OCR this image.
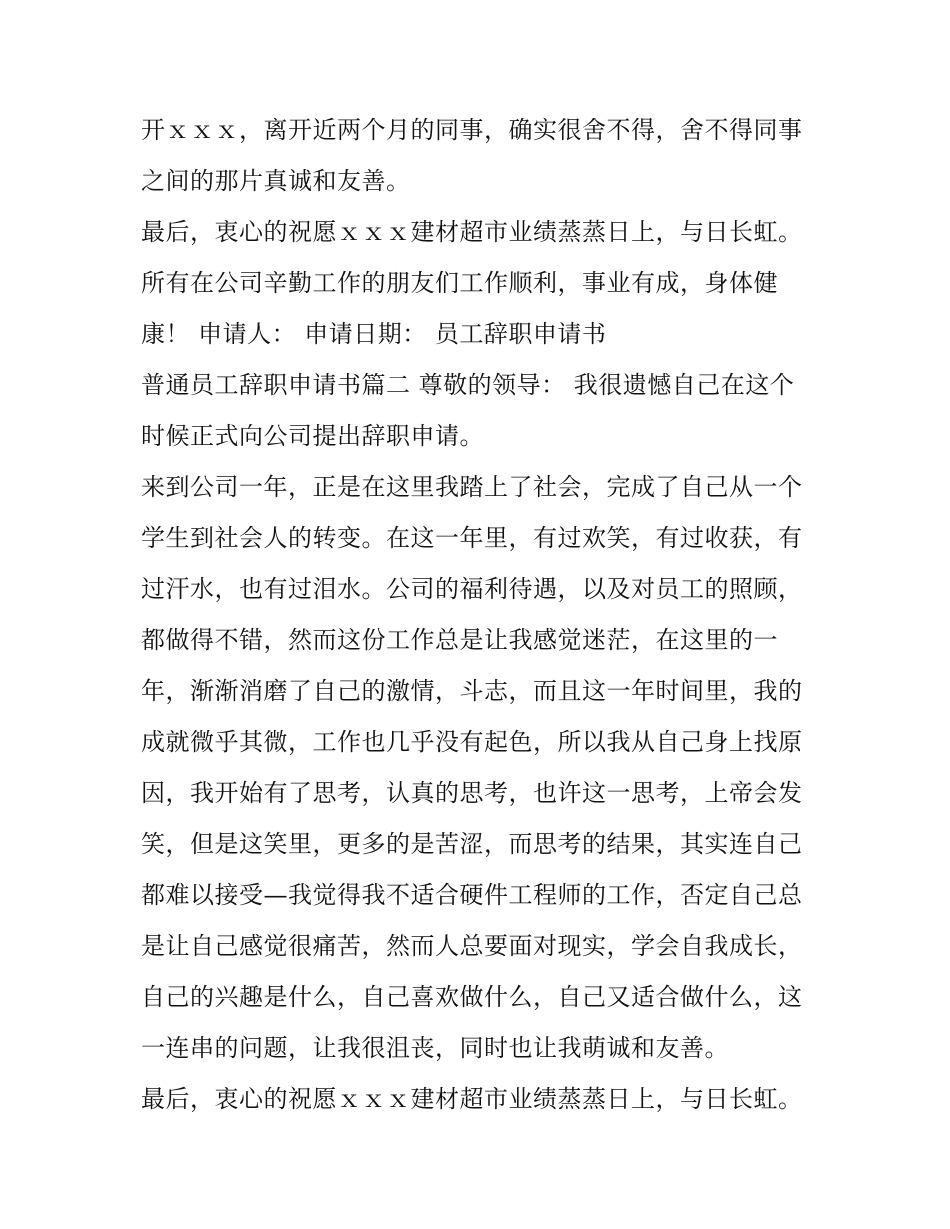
开ｘｘｘ，离开近两个月的同事，确实很舍不得，舍不得同事
之间的那片真诚和友善。
最后，衷心的祝愿ｘｘｘ建材超市业绩蒸蒸日上，与日长虹。
所有在公司辛勤工作的朋友们工作顺利，事业有成，身体健
康！ 申请人： 申请日期： 员工辞职申请书
普通员工辞职申请书篇二 尊敬的领导： 我很遗憾自己在这个
时候正式向公司提出辞职申请。
来到公司一年，正是在这里我踏上了社会，完成了自己从一个
学生到社会人的转变。在这一年里，有过欢笑，有过收获，有
过汗水，也有过泪水。公司的福利待遇，以及对员工的照顾，
都做得不错，然而这份工作总是让我感觉迷茫，在这里的一
年，渐渐消磨了自己的激情，斗志，而且这一年时间里，我的
成就微乎其微，工作也几乎没有起色，所以我从自己身上找原
因，我开始有了思考，认真的思考，也许这一思考，上帝会发
笑，但是这笑里，更多的是苦涩，而思考的结果，其实连自己
都难以接受—我觉得我不适合硬件工程师的工作，否定自己总
是让自己感觉很痛苦，然而人总要面对现实，学会自我成长，
自己的兴趣是什么，自己喜欢做什么，自己又适合做什么，这
一连串的问题，让我很沮丧，同时也让我萌诚和友善。
最后，衷心的祝愿ｘｘｘ建材超市业绩蒸蒸日上，与日长虹。
